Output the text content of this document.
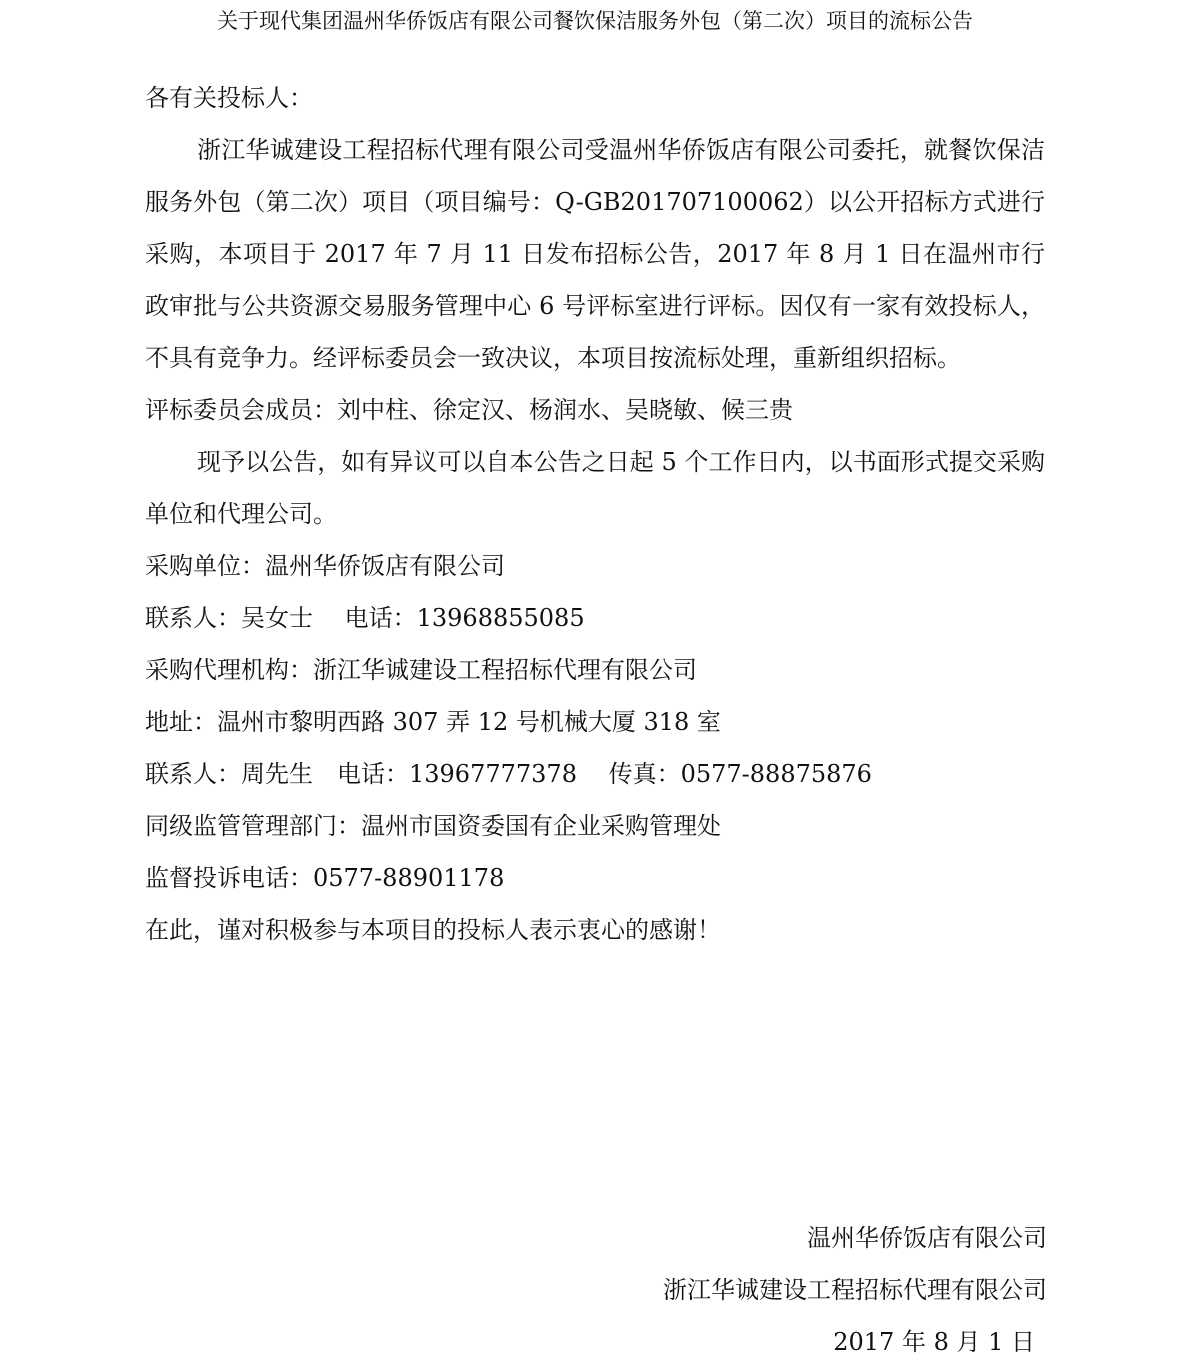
关于现代集团温州华侨饭店有限公司餐饮保洁服务外包（第二次）项目的流标公告

各有关投标人：

浙江华诚建设工程招标代理有限公司受温州华侨饭店有限公司委托，就餐饮保洁服务外包（第二次）项目（项目编号：Q-GB201707100062）以公开招标方式进行采购，本项目于 2017 年 7 月 11 日发布招标公告，2017 年 8 月 1 日在温州市行政审批与公共资源交易服务管理中心 6 号评标室进行评标。因仅有一家有效投标人，不具有竞争力。经评标委员会一致决议，本项目按流标处理，重新组织招标。

评标委员会成员：刘中柱、徐定汉、杨润水、吴晓敏、候三贵

现予以公告，如有异议可以自本公告之日起 5 个工作日内，以书面形式提交采购单位和代理公司。

采购单位：温州华侨饭店有限公司

联系人：吴女士　 电话：13968855085

采购代理机构：浙江华诚建设工程招标代理有限公司

地址：温州市黎明西路 307 弄 12 号机械大厦 318 室

联系人：周先生　电话：13967777378　 传真：0577-88875876

同级监管管理部门：温州市国资委国有企业采购管理处

监督投诉电话：0577-88901178

在此，谨对积极参与本项目的投标人表示衷心的感谢！

温州华侨饭店有限公司
浙江华诚建设工程招标代理有限公司
2017 年 8 月 1 日
